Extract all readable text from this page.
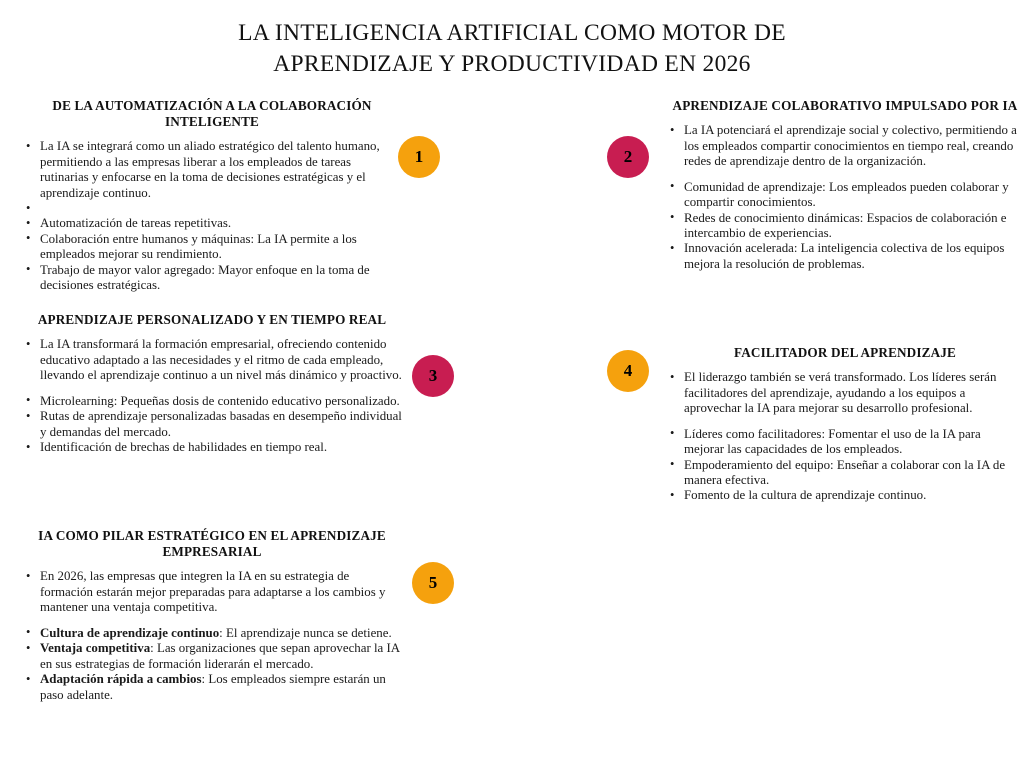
LA INTELIGENCIA ARTIFICIAL COMO MOTOR DE
APRENDIZAJE Y PRODUCTIVIDAD EN 2026
DE LA AUTOMATIZACIÓN A LA COLABORACIÓN INTELIGENTE
• La IA se integrará como un aliado estratégico del talento humano, permitiendo a las empresas liberar a los empleados de tareas rutinarias y enfocarse en la toma de decisiones estratégicas y el aprendizaje continuo.
•
• Automatización de tareas repetitivas.
• Colaboración entre humanos y máquinas: La IA permite a los empleados mejorar su rendimiento.
• Trabajo de mayor valor agregado: Mayor enfoque en la toma de decisiones estratégicas.
APRENDIZAJE COLABORATIVO IMPULSADO POR IA
• La IA potenciará el aprendizaje social y colectivo, permitiendo a los empleados compartir conocimientos en tiempo real, creando redes de aprendizaje dentro de la organización.
• Comunidad de aprendizaje: Los empleados pueden colaborar y compartir conocimientos.
• Redes de conocimiento dinámicas: Espacios de colaboración e intercambio de experiencias.
• Innovación acelerada: La inteligencia colectiva de los equipos mejora la resolución de problemas.
APRENDIZAJE PERSONALIZADO Y EN TIEMPO REAL
• La IA transformará la formación empresarial, ofreciendo contenido educativo adaptado a las necesidades y el ritmo de cada empleado, llevando el aprendizaje continuo a un nivel más dinámico y proactivo.
• Microlearning: Pequeñas dosis de contenido educativo personalizado.
• Rutas de aprendizaje personalizadas basadas en desempeño individual y demandas del mercado.
• Identificación de brechas de habilidades en tiempo real.
FACILITADOR DEL APRENDIZAJE
• El liderazgo también se verá transformado. Los líderes serán facilitadores del aprendizaje, ayudando a los equipos a aprovechar la IA para mejorar su desarrollo profesional.
• Líderes como facilitadores: Fomentar el uso de la IA para mejorar las capacidades de los empleados.
• Empoderamiento del equipo: Enseñar a colaborar con la IA de manera efectiva.
• Fomento de la cultura de aprendizaje continuo.
IA COMO PILAR ESTRATÉGICO EN EL APRENDIZAJE EMPRESARIAL
• En 2026, las empresas que integren la IA en su estrategia de formación estarán mejor preparadas para adaptarse a los cambios y mantener una ventaja competitiva.
• Cultura de aprendizaje continuo: El aprendizaje nunca se detiene.
• Ventaja competitiva: Las organizaciones que sepan aprovechar la IA en sus estrategias de formación liderarán el mercado.
• Adaptación rápida a cambios: Los empleados siempre estarán un paso adelante.
1	2
3	4
5
